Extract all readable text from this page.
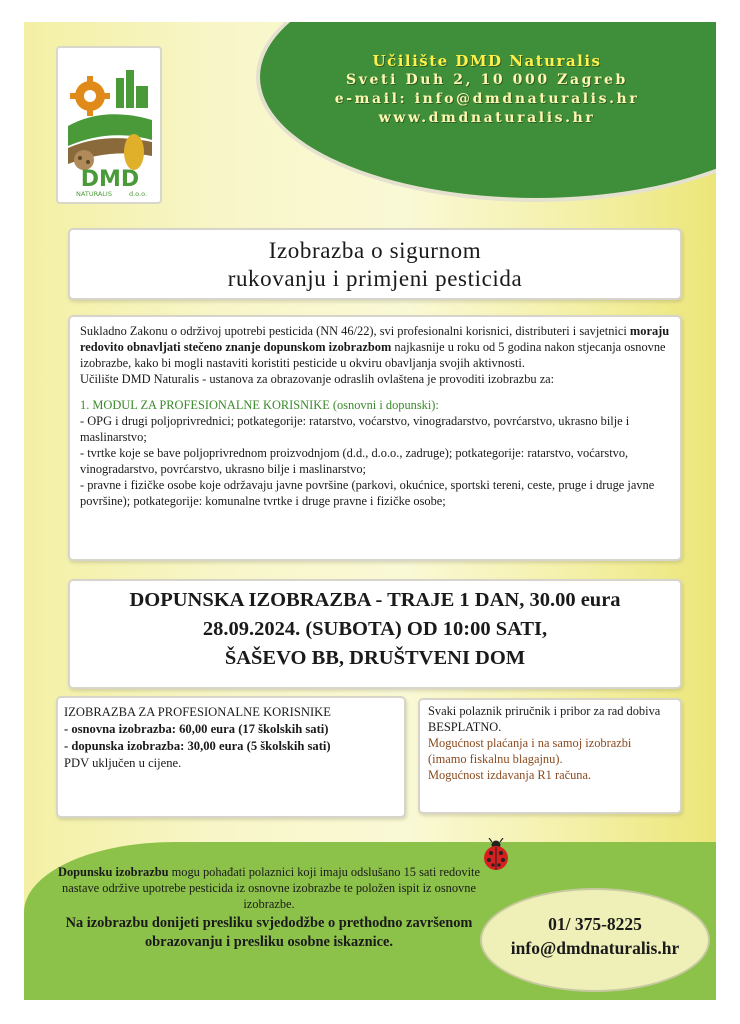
Učilište DMD Naturalis
Sveti Duh 2, 10 000 Zagreb
e-mail: info@dmdnaturalis.hr
www.dmdnaturalis.hr
DMD
NATURALIS	d.o.o.
Izobrazba o sigurnom
rukovanju i primjeni pesticida

Sukladno Zakonu o održivoj upotrebi pesticida (NN 46/22), svi profesionalni korisnici, distributeri i savjetnici moraju redovito obnavljati stečeno znanje dopunskom izobrazbom najkasnije u roku od 5 godina nakon stjecanja osnovne izobrazbe, kako bi mogli nastaviti koristiti pesticide u okviru obavljanja svojih aktivnosti.

Učilište DMD Naturalis - ustanova za obrazovanje odraslih ovlaštena je provoditi izobrazbu za:

1. MODUL ZA PROFESIONALNE KORISNIKE (osnovni i dopunski):

- OPG i drugi poljoprivrednici; potkategorije: ratarstvo, voćarstvo, vinogradarstvo, povrćarstvo, ukrasno bilje i maslinarstvo;

- tvrtke koje se bave poljoprivrednom proizvodnjom (d.d., d.o.o., zadruge); potkategorije: ratarstvo, voćarstvo, vinogradarstvo, povrćarstvo, ukrasno bilje i maslinarstvo;

- pravne i fizičke osobe koje održavaju javne površine (parkovi, okućnice, sportski tereni, ceste, pruge i druge javne površine); potkategorije: komunalne tvrtke i druge pravne i fizičke osobe;

DOPUNSKA IZOBRAZBA - TRAJE 1 DAN, 30.00 eura
28.09.2024. (SUBOTA) OD 10:00 SATI,
ŠAŠEVO BB, DRUŠTVENI DOM

IZOBRAZBA ZA PROFESIONALNE KORISNIKE

- osnovna izobrazba: 60,00 eura (17 školskih sati)

- dopunska izobrazba: 30,00 eura (5 školskih sati)

PDV uključen u cijene.

Svaki polaznik priručnik i pribor za rad dobiva BESPLATNO.

Mogućnost plaćanja i na samoj izobrazbi (imamo fiskalnu blagajnu).

Mogućnost izdavanja R1 računa.

Dopunsku izobrazbu mogu pohađati polaznici koji imaju odslušano 15 sati redovite nastave održive upotrebe pesticida iz osnovne izobrazbe te položen ispit iz osnovne izobrazbe.

Na izobrazbu donijeti presliku svjedodžbe o prethodno završenom obrazovanju i presliku osobne iskaznice.

01/ 375-8225
info@dmdnaturalis.hr
